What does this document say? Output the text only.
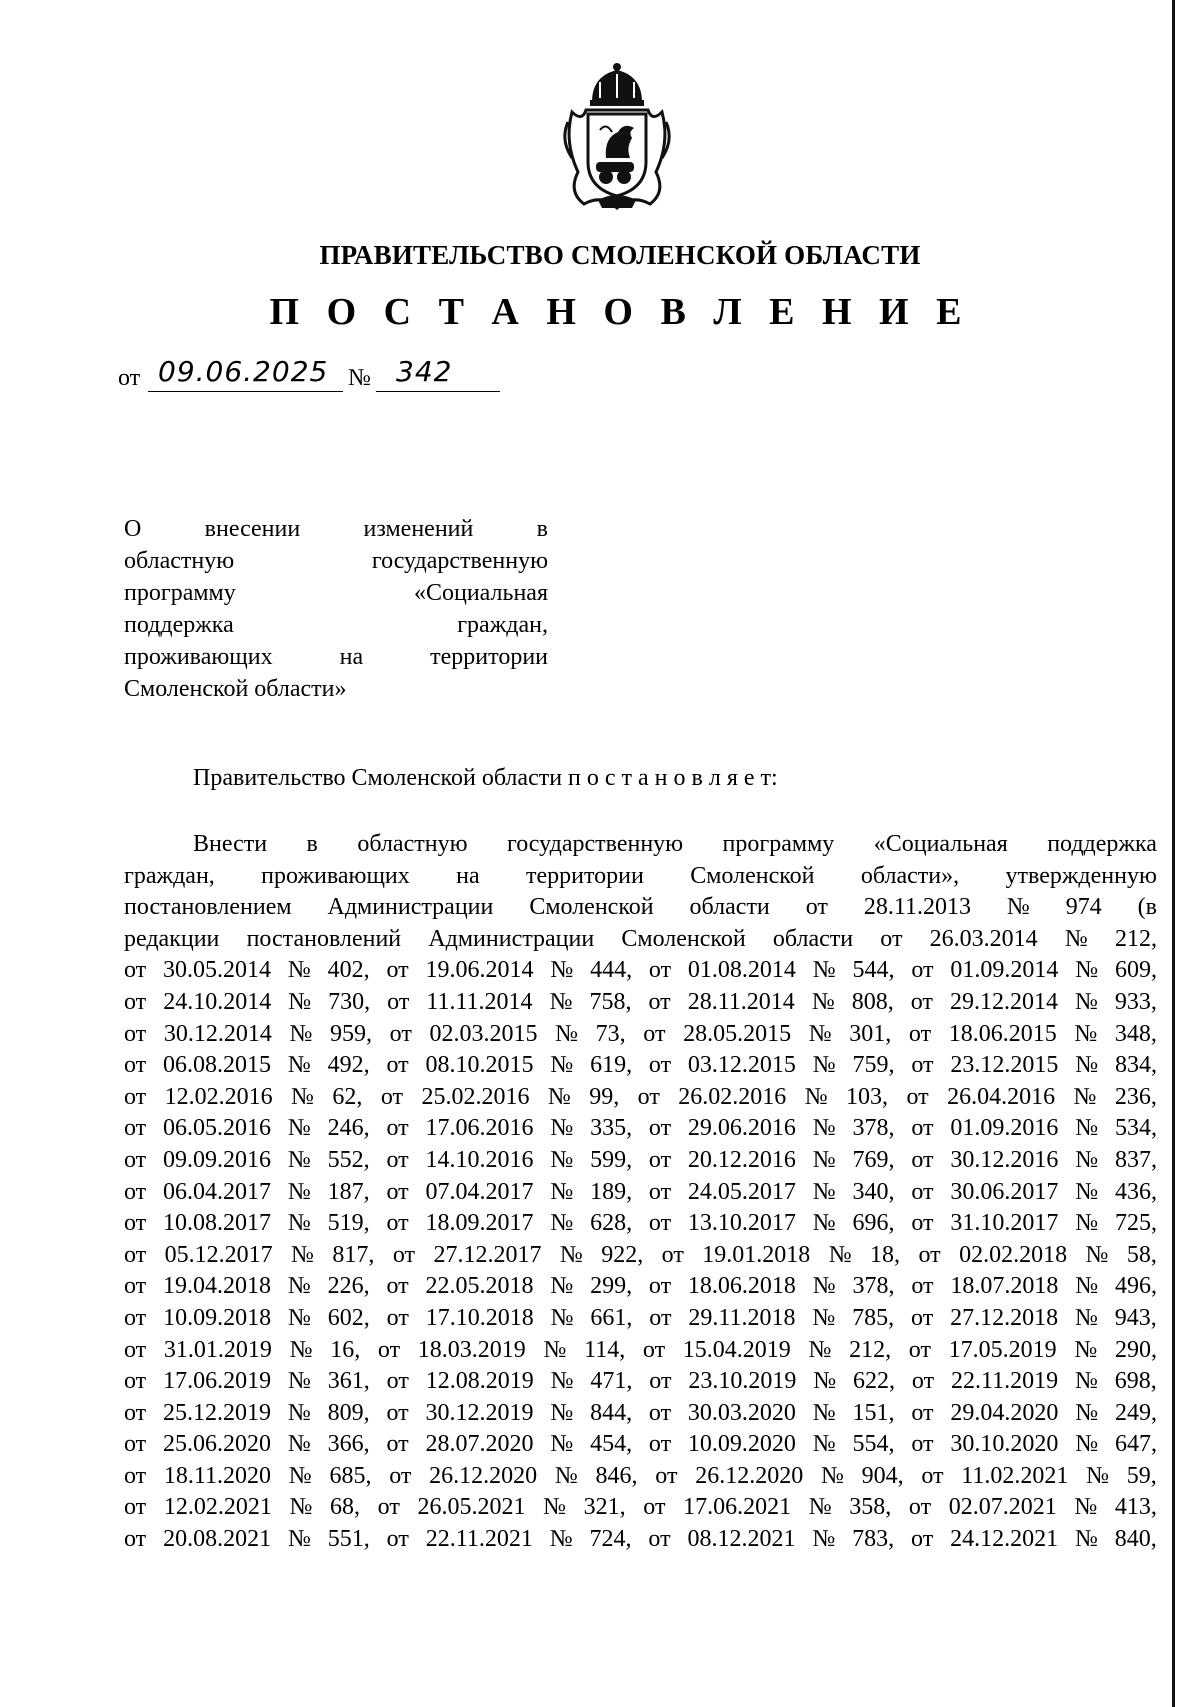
ПРАВИТЕЛЬСТВО СМОЛЕНСКОЙ ОБЛАСТИ
П О С Т А Н О В Л Е Н И Е
от 09.06.2025 № 342
О	внесении	изменений	в
областную	государственную
программу	«Социальная
поддержка	граждан,
проживающих	на	территории
Смоленской области»
Правительство Смоленской области п о с т а н о в л я е т:
Внести в областную государственную программу «Социальная поддержка
граждан, проживающих на территории Смоленской области», утвержденную
постановлением Администрации Смоленской области от 28.11.2013 № 974 (в
редакции постановлений Администрации Смоленской области от 26.03.2014 № 212,
от 30.05.2014 № 402, от 19.06.2014 № 444, от 01.08.2014 № 544, от 01.09.2014 № 609,
от 24.10.2014 № 730, от 11.11.2014 № 758, от 28.11.2014 № 808, от 29.12.2014 № 933,
от 30.12.2014 № 959, от 02.03.2015 № 73, от 28.05.2015 № 301, от 18.06.2015 № 348,
от 06.08.2015 № 492, от 08.10.2015 № 619, от 03.12.2015 № 759, от 23.12.2015 № 834,
от 12.02.2016 № 62, от 25.02.2016 № 99, от 26.02.2016 № 103, от 26.04.2016 № 236,
от 06.05.2016 № 246, от 17.06.2016 № 335, от 29.06.2016 № 378, от 01.09.2016 № 534,
от 09.09.2016 № 552, от 14.10.2016 № 599, от 20.12.2016 № 769, от 30.12.2016 № 837,
от 06.04.2017 № 187, от 07.04.2017 № 189, от 24.05.2017 № 340, от 30.06.2017 № 436,
от 10.08.2017 № 519, от 18.09.2017 № 628, от 13.10.2017 № 696, от 31.10.2017 № 725,
от 05.12.2017 № 817, от 27.12.2017 № 922, от 19.01.2018 № 18, от 02.02.2018 № 58,
от 19.04.2018 № 226, от 22.05.2018 № 299, от 18.06.2018 № 378, от 18.07.2018 № 496,
от 10.09.2018 № 602, от 17.10.2018 № 661, от 29.11.2018 № 785, от 27.12.2018 № 943,
от 31.01.2019 № 16, от 18.03.2019 № 114, от 15.04.2019 № 212, от 17.05.2019 № 290,
от 17.06.2019 № 361, от 12.08.2019 № 471, от 23.10.2019 № 622, от 22.11.2019 № 698,
от 25.12.2019 № 809, от 30.12.2019 № 844, от 30.03.2020 № 151, от 29.04.2020 № 249,
от 25.06.2020 № 366, от 28.07.2020 № 454, от 10.09.2020 № 554, от 30.10.2020 № 647,
от 18.11.2020 № 685, от 26.12.2020 № 846, от 26.12.2020 № 904, от 11.02.2021 № 59,
от 12.02.2021 № 68, от 26.05.2021 № 321, от 17.06.2021 № 358, от 02.07.2021 № 413,
от 20.08.2021 № 551, от 22.11.2021 № 724, от 08.12.2021 № 783, от 24.12.2021 № 840,
